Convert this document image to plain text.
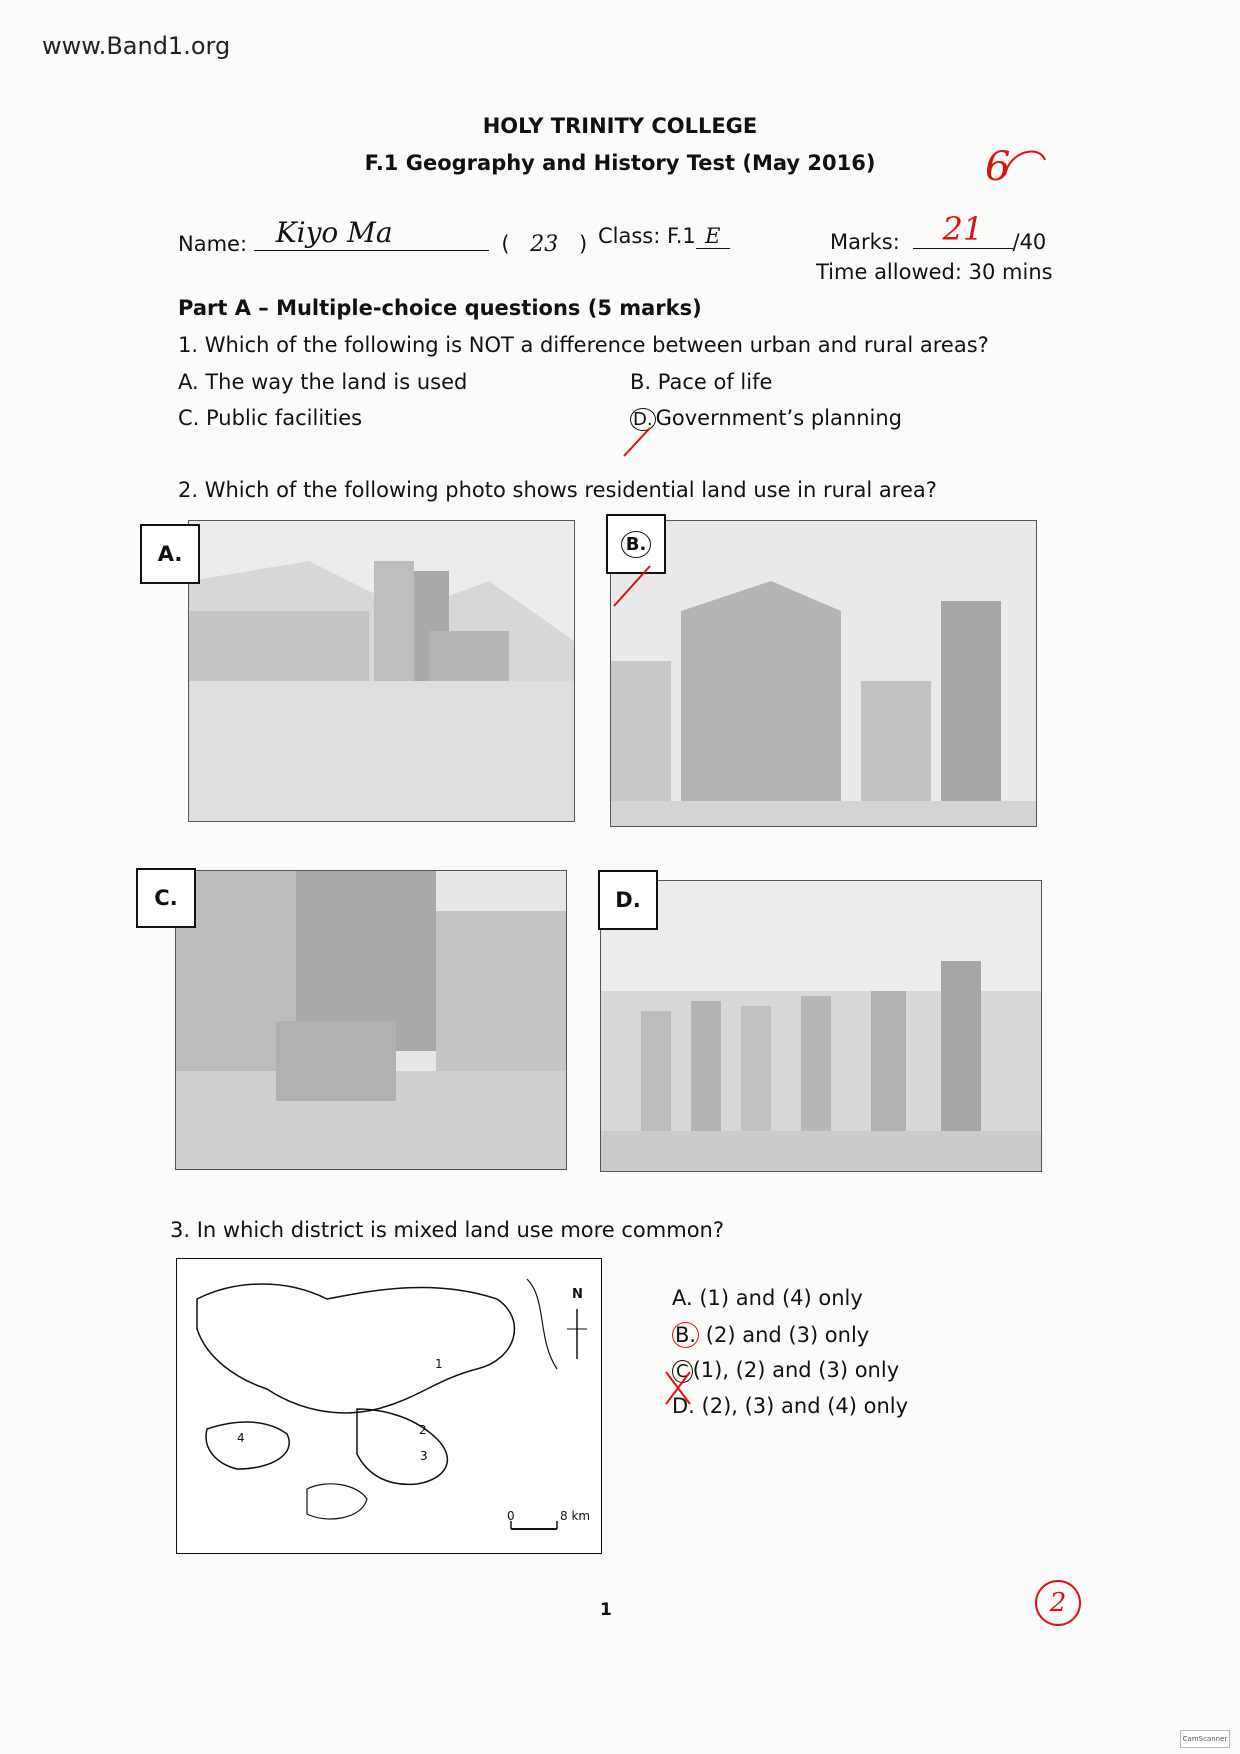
www.Band1.org
HOLY TRINITY COLLEGE
F.1 Geography and History Test (May 2016)	6
Name: Kiyo Ma	( 23 ) Class: F.1 E	Marks: 21 /40
Time allowed: 30 mins
Part A – Multiple-choice questions (5 marks)
1. Which of the following is NOT a difference between urban and rural areas?
A. The way the land is used	B. Pace of life
C. Public facilities	D. Government’s planning
2. Which of the following photo shows residential land use in rural area?
A.	B.
C.	D.
3. In which district is mixed land use more common?
N
0	8 km
1
2
3
4
A. (1) and (4) only
B. (2) and (3) only
C (1), (2) and (3) only
D. (2), (3) and (4) only
1	2
CamScanner
